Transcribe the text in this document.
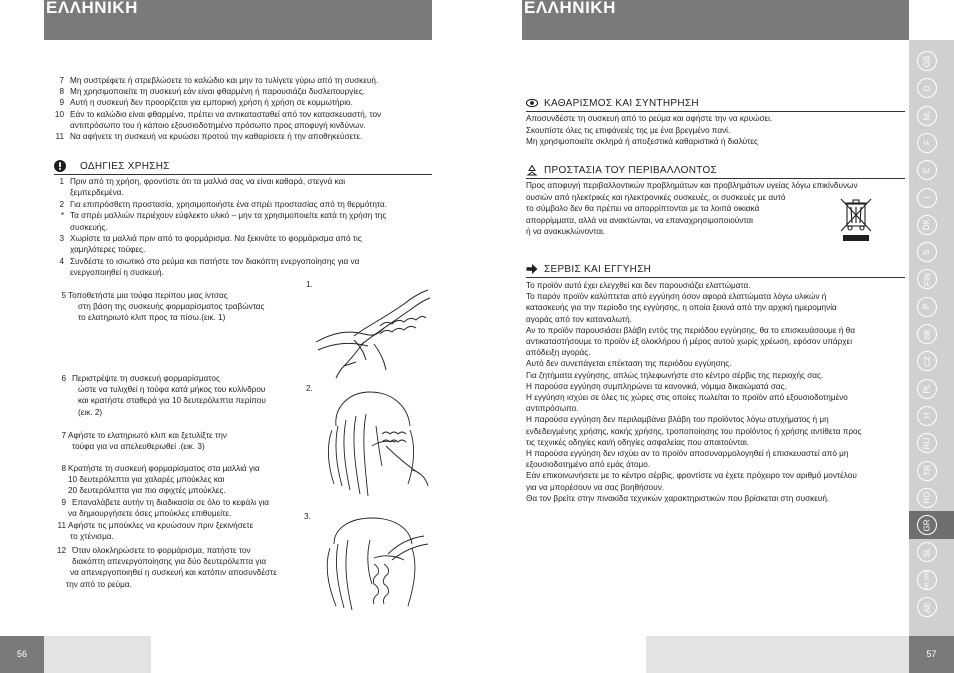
ΕΛΛΗΝΙΚΗ
56
7 Μη συστρέφετε ή στρεβλώσετε το καλώδιο και μην το τυλίγετε γύρω από τη συσκευή.
8 Μη χρησιμοποιείτε τη συσκευή εάν είναι φθαρμένη ή παρουσιάζει δυσλειτουργίες.
9 Αυτή η συσκευή δεν προορίζεται για εμπορική χρήση ή χρήση σε κομμωτήριο.
10 Εάν το καλώδιο είναι φθαρμένο, πρέπει να αντικατασταθεί από τον κατασκευαστή, τον
αντιπρόσωπο του ή κάποιο εξουσιοδοτημένο πρόσωπο προς αποφυγή κινδύνων.
11 Να αφήνετε τη συσκευή να κρυώσει προτού την καθαρίσετε ή την αποθηκεύσετε.
ΟΔΗΓΙΕΣ ΧΡΗΣΗΣ
1 Πριν από τη χρήση, φροντίστε ότι τα μαλλιά σας να είναι καθαρά, στεγνά και
ξεμπερδεμένα.
2 Για επιπρόσθετη προστασία, χρησιμοποιήστε ένα σπρέι προστασίας από τη θερμότητα.
* Τα σπρέι μαλλιών περιέχουν εύφλεκτο υλικό – μην τα χρησιμοποιείτε κατά τη χρήση της
συσκευής.
3 Χωρίστε τα μαλλιά πριν από το φορμάρισμα. Να ξεκινάτε το φορμάρισμα από τις
χαμηλότερες τούφες.
4 Συνδέστε το ισιωτικό στο ρεύμα και πατήστε τον διακόπτη ενεργοποίησης για να
ενεργοποιηθεί η συσκευή.
5 Τοποθετήστε μια τούφα περίπου μιας ίντσας
στη βάση της συσκευής φορμαρίσματος τραβώντας
το ελατηριωτό κλιπ προς τα πίσω.(εικ. 1)
6 Περιστρέψτε τη συσκευή φορμαρίσματος
ώστε να τυλιχθεί η τούφα κατά μήκος του κυλίνδρου
και κρατήστε σταθερά για 10 δευτερόλεπτα περίπου
(εικ. 2)
7 Αφήστε το ελατηριωτό κλιπ και ξετυλίξτε την
τούφα για να απελευθερωθεί .(εικ. 3)
8 Κρατήστε τη συσκευή φορμαρίσματος στα μαλλιά για
10 δευτερόλεπτα για χαλαρές μπούκλες και
20 δευτερόλεπτα για πιο σφιχτές μπούκλες.
9 Επαναλάβετε αυτήν τη διαδικασία σε όλο το κεφάλι για
να δημιουργήσετε όσες μπούκλες επιθυμείτε.
11 Αφήστε τις μπούκλες να κρυώσουν πριν ξεκινήσετε
το χτένισμα.
12 Όταν ολοκληρώσετε το φορμάρισμα, πατήστε τον
διακόπτη απενεργοποίησης για δύο δευτερόλεπτα για
να απενεργοποιηθεί η συσκευή και κατόπιν αποσυνδέστε
την από το ρεύμα.
1.
2.
3.
ΕΛΛΗΝΙΚΗ
57
ΚΑΘΑΡΙΣΜΟΣ ΚΑΙ ΣΥΝΤΗΡΗΣΗ
Αποσυνδέστε τη συσκευή από το ρεύμα και αφήστε την να κρυώσει.
Σκουπίστε όλες τις επιφάνειές της με ένα βρεγμένο πανί.
Μη χρησιμοποιείτε σκληρά ή αποξεστικά καθαριστικά ή διαλύτες
ΠΡΟΣΤΑΣΙΑ ΤΟΥ ΠΕΡΙΒΑΛΛΟΝΤΟΣ
Προς αποφυγή περιβαλλοντικών προβλημάτων και προβλημάτων υγείας λόγω επικίνδυνων
ουσιών από ηλεκτρικές και ηλεκτρονικές συσκευές, οι συσκευές με αυτό
το σύμβολο δεν θα πρέπει να απορρίπτονται με τα λοιπά οικιακά
απορρίμματα, αλλά να ανακτώνται, να επαναχρησιμοποιούνται
ή να ανακυκλώνονται.
ΣΕΡΒΙΣ ΚΑΙ ΕΓΓΥΗΣΗ
Το προϊόν αυτό έχει ελεγχθεί και δεν παρουσιάζει ελαττώματα.
Το παρόν προϊόν καλύπτεται από εγγύηση όσον αφορά ελαττώματα λόγω υλικών ή
κατασκευής για την περίοδο της εγγύησης, η οποία ξεκινά από την αρχική ημερομηνία
αγοράς από τον καταναλωτή.
Αν το προϊόν παρουσιάσει βλάβη εντός της περιόδου εγγύησης, θα το επισκευάσουμε ή θα
αντικαταστήσουμε το προϊόν εξ ολοκλήρου ή μέρος αυτού χωρίς χρέωση, εφόσον υπάρχει
απόδειξη αγοράς.
Αυτό δεν συνεπάγεται επέκταση της περιόδου εγγύησης.
Για ζητήματα εγγύησης, απλώς τηλεφωνήστε στο κέντρο σέρβις της περιοχής σας.
Η παρούσα εγγύηση συμπληρώνει τα κανονικά, νόμιμα δικαιώματά σας.
Η εγγύηση ισχύει σε όλες τις χώρες στις οποίες πωλείται το προϊόν από εξουσιοδοτημένο
αντιπρόσωπο.
Η παρούσα εγγύηση δεν περιλαμβάνει βλάβη του προϊόντος λόγω ατυχήματος ή μη
ενδεδειγμένης χρήσης, κακής χρήσης, τροποποίησης του προϊόντος ή χρήσης αντίθετα προς
τις τεχνικές οδηγίες και/ή οδηγίες ασφαλείας που απαιτούνται.
Η παρούσα εγγύηση δεν ισχύει αν το προϊόν αποσυναρμολογηθεί ή επισκευαστεί από μη
εξουσιοδοτημένο από εμάς άτομο.
Εάν επικοινωνήσετε με το κέντρο σέρβις, φροντίστε να έχετε πρόχειρο τον αριθμό μοντέλου
για να μπορέσουν να σας βοηθήσουν.
Θα τον βρείτε στην πινακίδα τεχνικών χαρακτηριστικών που βρίσκεται στη συσκευή.
GB
D
NL
F
E
I
DK
S
FIN
P
SK
CZ
PL
H
RU
TR
RO
GR
SL
HR SRB
AE
